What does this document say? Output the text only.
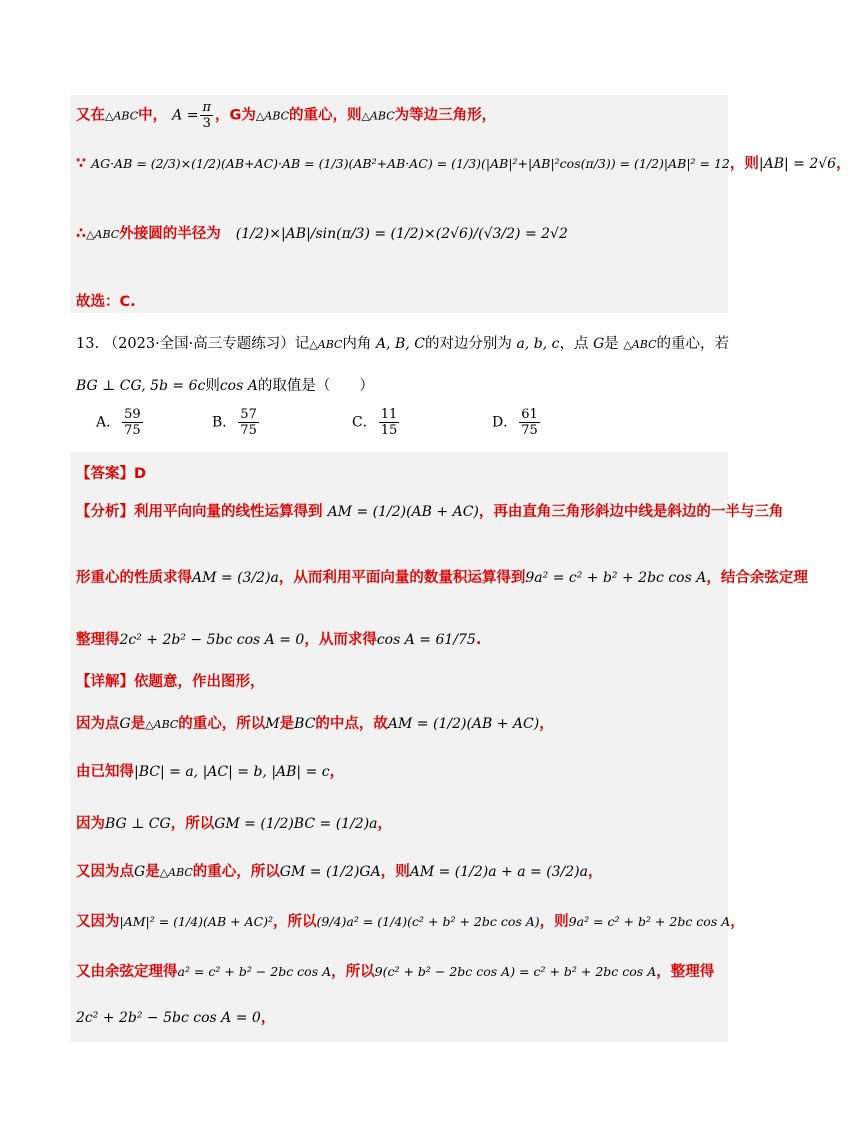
又在△ABC中， $A = \frac{\pi}{3}$ ，G为△ABC的重心，则△ABC为等边三角形，
∵ AG·AB = (2/3)×(1/2)(AB+AC)·AB = (1/3)(AB²+AB·AC) = (1/3)(|AB|²+|AB|²cos(π/3)) = (1/2)|AB|² = 12，则|AB| = 2√6，
∴△ABC外接圆的半径为 (1/2)×|AB|/sin(π/3) = (1/2)×(2√6)/(√3/2) = 2√2
故选：C.
13. （2023·全国·高三专题练习）记△ABC内角 A, B, C的对边分别为 a, b, c，点 G是 △ABC的重心，若
BG ⊥ CG, 5b = 6c则cos A的取值是（　　）
A． $\frac{59}{75}$	B． $\frac{57}{75}$	C． $\frac{11}{15}$	D． $\frac{61}{75}$
【答案】D
【分析】利用平向向量的线性运算得到 AM = (1/2)(AB + AC)，再由直角三角形斜边中线是斜边的一半与三角
形重心的性质求得AM = (3/2)a，从而利用平面向量的数量积运算得到9a² = c² + b² + 2bc cos A，结合余弦定理
整理得2c² + 2b² − 5bc cos A = 0，从而求得cos A = 61/75.
【详解】依题意，作出图形，
因为点G是△ABC的重心，所以M是BC的中点，故AM = (1/2)(AB + AC)，
由已知得|BC| = a, |AC| = b, |AB| = c，
因为BG ⊥ CG，所以GM = (1/2)BC = (1/2)a，
又因为点G是△ABC的重心，所以GM = (1/2)GA，则AM = (1/2)a + a = (3/2)a，
又因为|AM|² = (1/4)(AB + AC)²，所以(9/4)a² = (1/4)(c² + b² + 2bc cos A)，则9a² = c² + b² + 2bc cos A，
又由余弦定理得a² = c² + b² − 2bc cos A，所以9(c² + b² − 2bc cos A) = c² + b² + 2bc cos A，整理得
2c² + 2b² − 5bc cos A = 0，
